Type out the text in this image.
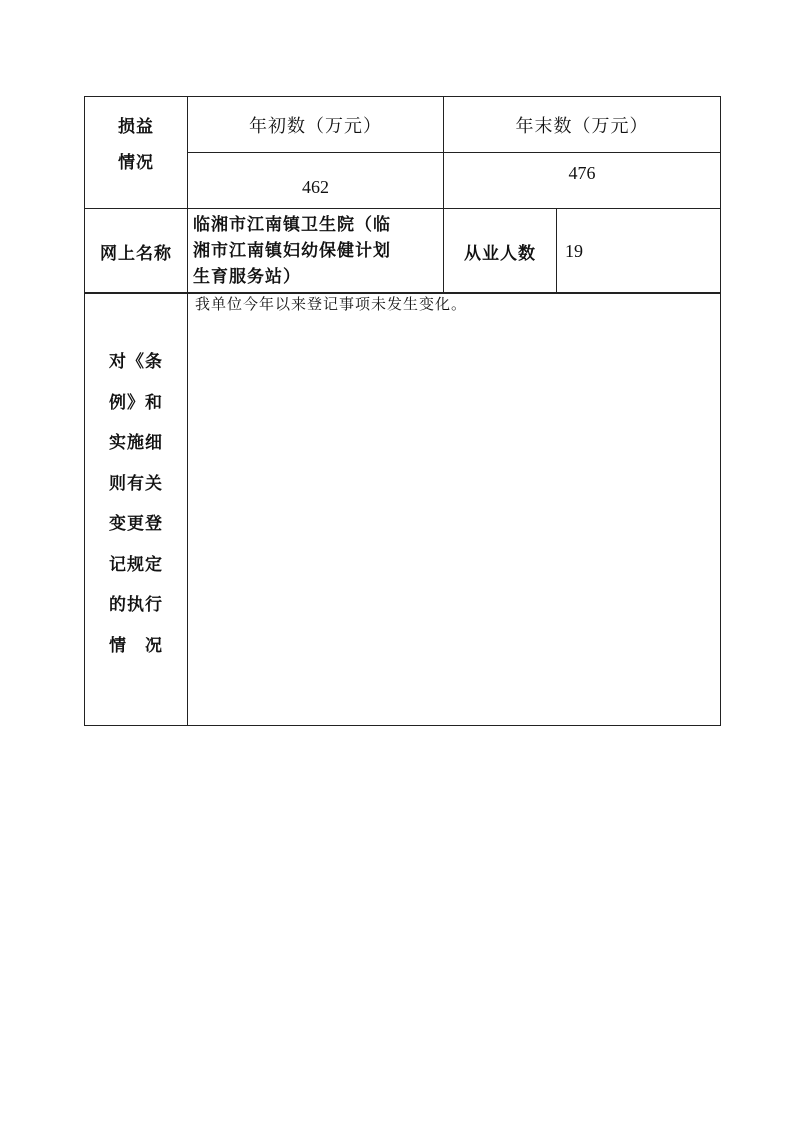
损益
情况
年初数（万元）	年末数（万元）
462
476
网上名称
临湘市江南镇卫生院（临
湘市江南镇妇幼保健计划
生育服务站）
从业人数	19
对《条
例》和
实施细
则有关
变更登
记规定
的执行
情　况
我单位今年以来登记事项未发生变化。
